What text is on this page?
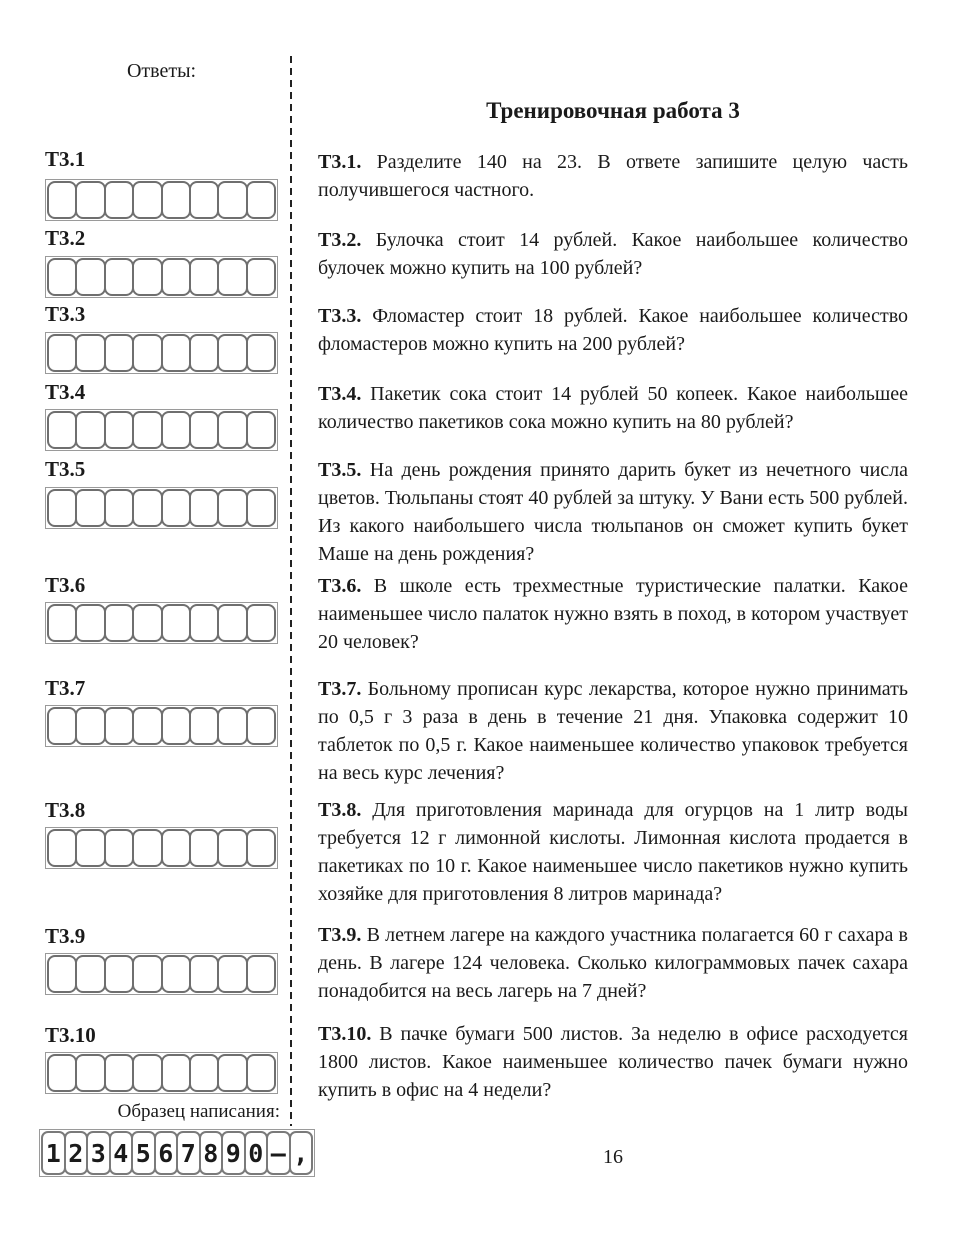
Ответы:
Т3.1
Т3.2
Т3.3
Т3.4
Т3.5
Т3.6
Т3.7
Т3.8
Т3.9
Т3.10
Образец написания:
1 2 3 4 5 6 7 8 9 0 – ,
Тренировочная работа 3

Т3.1. Разделите 140 на 23. В ответе запишите целую часть получившегося частного.

Т3.2. Булочка стоит 14 рублей. Какое наибольшее количество булочек можно купить на 100 рублей?

Т3.3. Фломастер стоит 18 рублей. Какое наибольшее количество фломастеров можно купить на 200 рублей?

Т3.4. Пакетик сока стоит 14 рублей 50 копеек. Какое наибольшее количество пакетиков сока можно купить на 80 рублей?

Т3.5. На день рождения принято дарить букет из нечетного числа цветов. Тюльпаны стоят 40 рублей за штуку. У Вани есть 500 рублей. Из какого наибольшего числа тюльпанов он сможет купить букет Маше на день рождения?

Т3.6. В школе есть трехместные туристические палатки. Какое наименьшее число палаток нужно взять в поход, в котором участвует 20 человек?

Т3.7. Больному прописан курс лекарства, которое нужно принимать по 0,5 г 3 раза в день в течение 21 дня. Упаковка содержит 10 таблеток по 0,5 г. Какое наименьшее количество упаковок требуется на весь курс лечения?

Т3.8. Для приготовления маринада для огурцов на 1 литр воды требуется 12 г лимонной кислоты. Лимонная кислота продается в пакетиках по 10 г. Какое наименьшее число пакетиков нужно купить хозяйке для приготовления 8 литров маринада?

Т3.9. В летнем лагере на каждого участника полагается 60 г сахара в день. В лагере 124 человека. Сколько килограммовых пачек сахара понадобится на весь лагерь на 7 дней?

Т3.10. В пачке бумаги 500 листов. За неделю в офисе расходуется 1800 листов. Какое наименьшее количество пачек бумаги нужно купить в офис на 4 недели?

16
